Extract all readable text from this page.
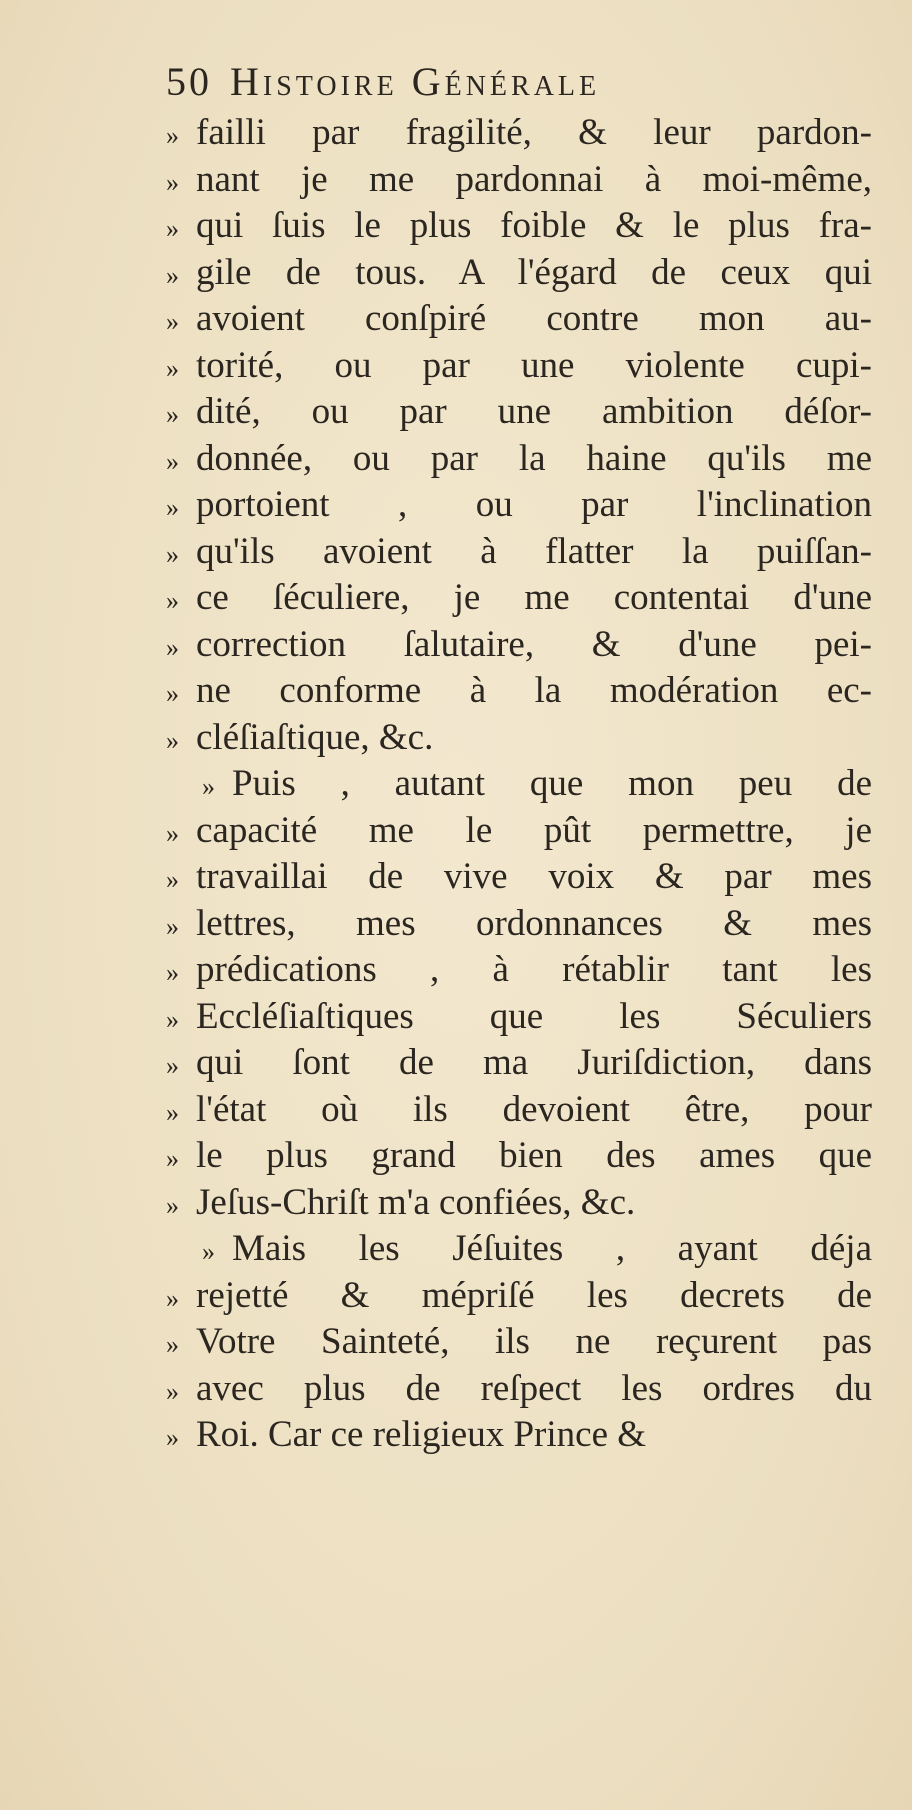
50 Histoire Générale
» failli par fragilité, & leur pardon-
» nant je me pardonnai à moi-même,
» qui ſuis le plus foible & le plus fra-
» gile de tous. A l'égard de ceux qui
» avoient conſpiré contre mon au-
» torité, ou par une violente cupi-
» dité, ou par une ambition déſor-
» donnée, ou par la haine qu'ils me
» portoient , ou par l'inclination
» qu'ils avoient à flatter la puiſſan-
» ce ſéculiere, je me contentai d'une
» correction ſalutaire, & d'une pei-
» ne conforme à la modération ec-
» cléſiaſtique, &c.
» Puis , autant que mon peu de
» capacité me le pût permettre, je
» travaillai de vive voix & par mes
» lettres, mes ordonnances & mes
» prédications , à rétablir tant les
» Eccléſiaſtiques que les Séculiers
» qui ſont de ma Juriſdiction, dans
» l'état où ils devoient être, pour
» le plus grand bien des ames que
» Jeſus-Chriſt m'a confiées, &c.
» Mais les Jéſuites , ayant déja
» rejetté & mépriſé les decrets de
» Votre Sainteté, ils ne reçurent pas
» avec plus de reſpect les ordres du
» Roi. Car ce religieux Prince &
